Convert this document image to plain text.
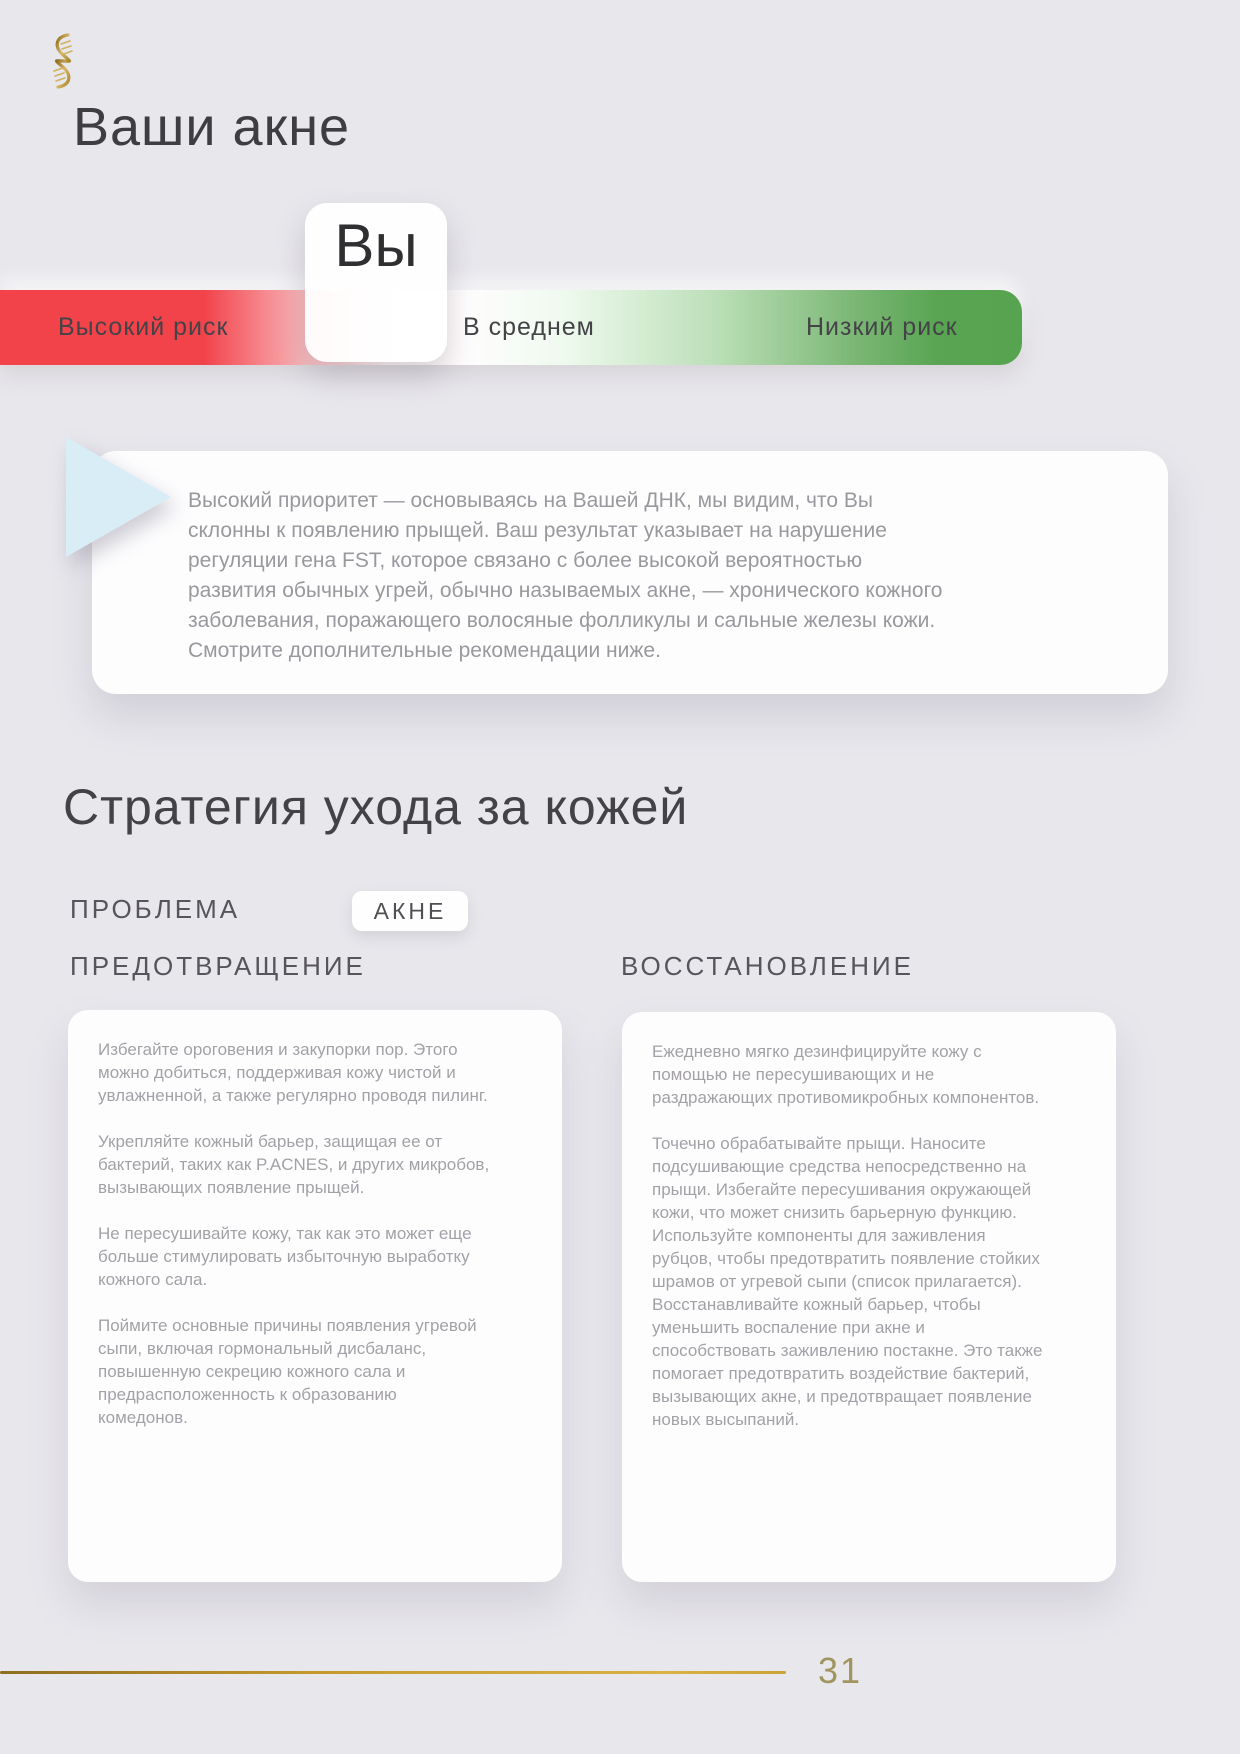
Ваши акне
Высокий риск	В среднем	Низкий риск
Вы
Высокий приоритет — основываясь на Вашей ДНК, мы видим, что Вы склонны к появлению прыщей. Ваш результат указывает на нарушение регуляции гена FST, которое связано с более высокой вероятностью развития обычных угрей, обычно называемых акне, — хронического кожного заболевания, поражающего волосяные фолликулы и сальные железы кожи. Смотрите дополнительные рекомендации ниже.
Стратегия ухода за кожей
ПРОБЛЕМА	АКНЕ
ПРЕДОТВРАЩЕНИЕ	ВОССТАНОВЛЕНИЕ

Избегайте ороговения и закупорки пор. Этого можно добиться, поддерживая кожу чистой и увлажненной, а также регулярно проводя пилинг.

Укрепляйте кожный барьер, защищая ее от бактерий, таких как P.ACNES, и других микробов, вызывающих появление прыщей.

Не пересушивайте кожу, так как это может еще больше стимулировать избыточную выработку кожного сала.

Поймите основные причины появления угревой сыпи, включая гормональный дисбаланс, повышенную секрецию кожного сала и предрасположенность к образованию комедонов.

Ежедневно мягко дезинфицируйте кожу с помощью не пересушивающих и не раздражающих противомикробных компонентов.

Точечно обрабатывайте прыщи. Наносите подсушивающие средства непосредственно на прыщи. Избегайте пересушивания окружающей кожи, что может снизить барьерную функцию. Используйте компоненты для заживления рубцов, чтобы предотвратить появление стойких шрамов от угревой сыпи (список прилагается). Восстанавливайте кожный барьер, чтобы уменьшить воспаление при акне и способствовать заживлению постакне. Это также помогает предотвратить воздействие бактерий, вызывающих акне, и предотвращает появление новых высыпаний.

31
